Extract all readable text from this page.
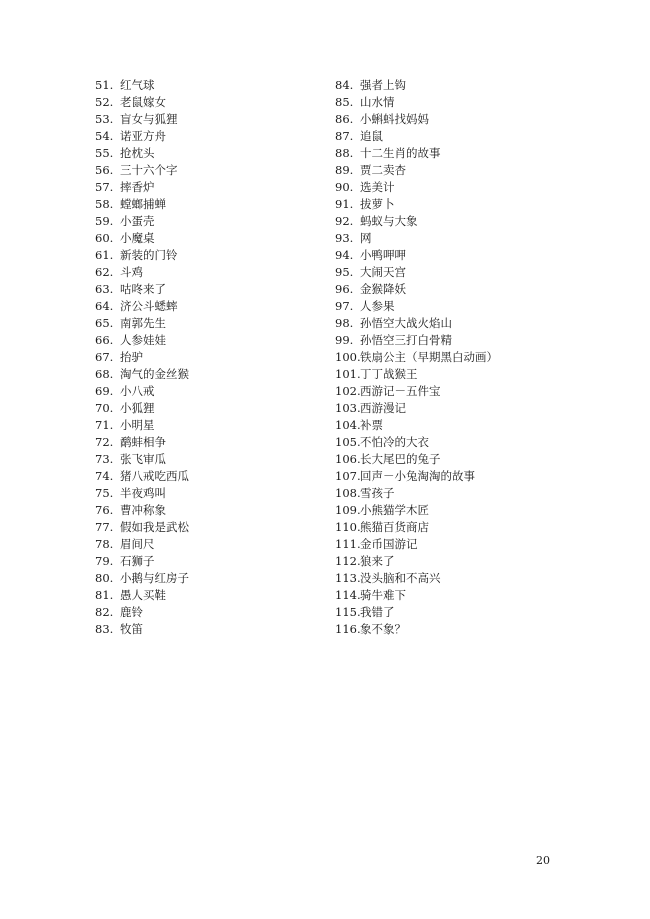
51. 红气球
52. 老鼠嫁女
53. 盲女与狐狸
54. 诺亚方舟
55. 抢枕头
56. 三十六个字
57. 摔香炉
58. 螳螂捕蝉
59. 小蛋壳
60. 小魔桌
61. 新装的门铃
62. 斗鸡
63. 咕咚来了
64. 济公斗蟋蟀
65. 南郭先生
66. 人参娃娃
67. 抬驴
68. 淘气的金丝猴
69. 小八戒
70. 小狐狸
71. 小明星
72. 鹬蚌相争
73. 张飞审瓜
74. 猪八戒吃西瓜
75. 半夜鸡叫
76. 曹冲称象
77. 假如我是武松
78. 眉间尺
79. 石狮子
80. 小鹅与红房子
81. 愚人买鞋
82. 鹿铃
83. 牧笛
84. 强者上钩
85. 山水情
86. 小蝌蚪找妈妈
87. 追鼠
88. 十二生肖的故事
89. 贾二卖杏
90. 选美计
91. 拔萝卜
92. 蚂蚁与大象
93. 网
94. 小鸭呷呷
95. 大闹天宫
96. 金猴降妖
97. 人参果
98. 孙悟空大战火焰山
99. 孙悟空三打白骨精
100.铁扇公主（早期黑白动画）
101.丁丁战猴王
102.西游记－五件宝
103.西游漫记
104.补票
105.不怕冷的大衣
106.长大尾巴的兔子
107.回声－小兔淘淘的故事
108.雪孩子
109.小熊猫学木匠
110.熊猫百货商店
111.金币国游记
112.狼来了
113.没头脑和不高兴
114.骑牛难下
115.我错了
116.象不象？
20
